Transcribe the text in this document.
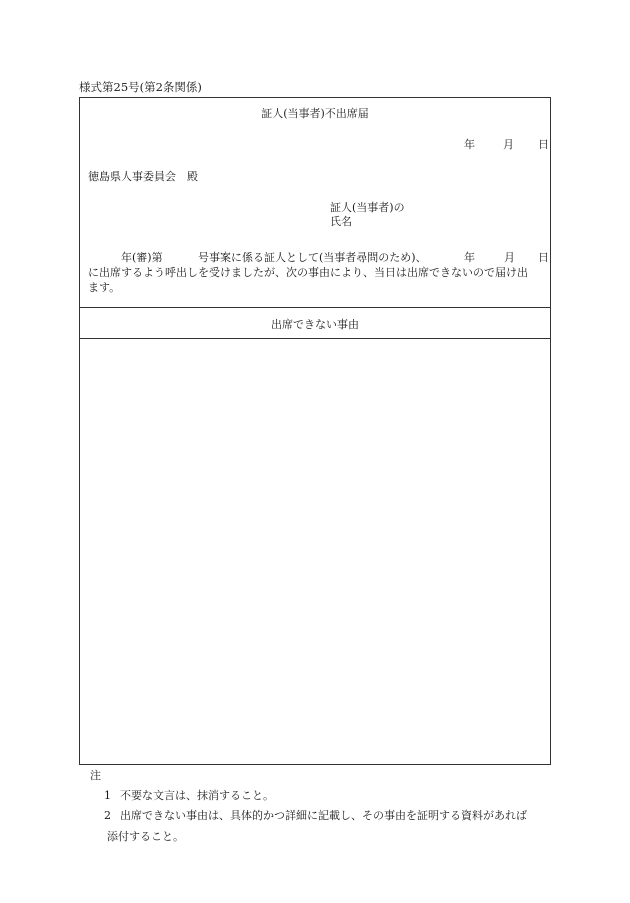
様式第25号(第2条関係)
証人(当事者)不出席届
年	月 日
徳島県人事委員会　殿
証人(当事者)の
氏名
年(審)第	号事案に係る証人として(当事者尋問のため)、	年	月 日
に出席するよう呼出しを受けましたが、次の事由により、当日は出席できないので届け出
ます。
出席できない事由
注
1 不要な文言は、抹消すること。
2 出席できない事由は、具体的かつ詳細に記載し、その事由を証明する資料があれば
添付すること。
